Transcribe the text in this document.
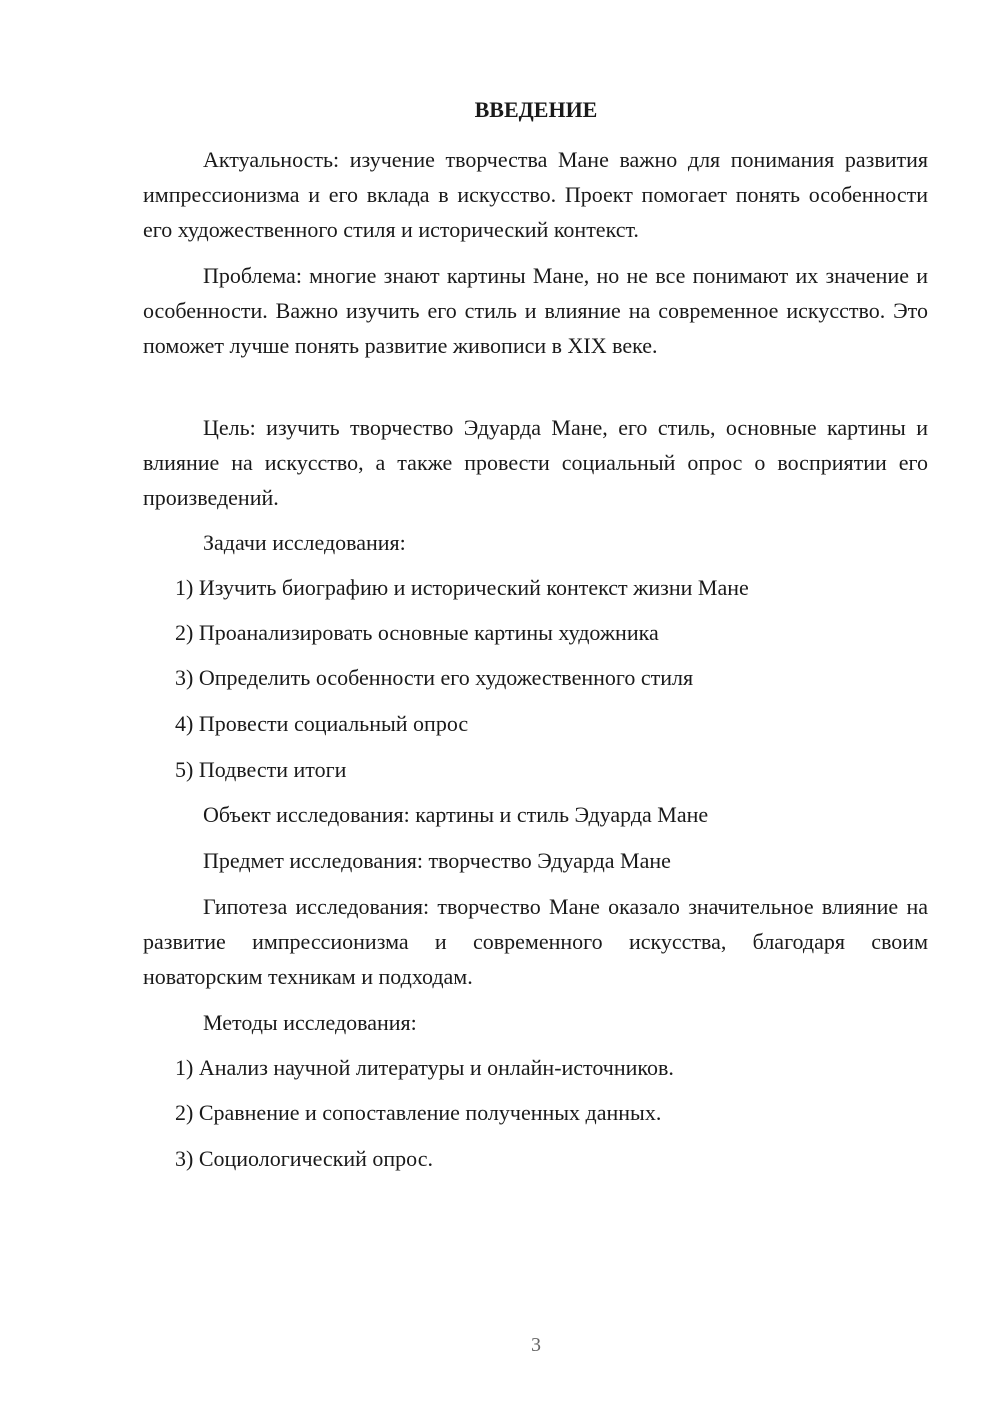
ВВЕДЕНИЕ
Актуальность: изучение творчества Мане важно для понимания развития импрессионизма и его вклада в искусство. Проект помогает понять особенности его художественного стиля и исторический контекст.
Проблема: многие знают картины Мане, но не все понимают их значение и особенности. Важно изучить его стиль и влияние на современное искусство. Это поможет лучше понять развитие живописи в XIX веке.
Цель: изучить творчество Эдуарда Мане, его стиль, основные картины и влияние на искусство, а также провести социальный опрос о восприятии его произведений.
Задачи исследования:
1) Изучить биографию и исторический контекст жизни Мане
2) Проанализировать основные картины художника
3) Определить особенности его художественного стиля
4) Провести социальный опрос
5) Подвести итоги
Объект исследования: картины и стиль Эдуарда Мане
Предмет исследования: творчество Эдуарда Мане
Гипотеза исследования: творчество Мане оказало значительное влияние на развитие импрессионизма и современного искусства, благодаря своим новаторским техникам и подходам.
Методы исследования:
1) Анализ научной литературы и онлайн-источников.
2) Сравнение и сопоставление полученных данных.
3) Социологический опрос.
3
